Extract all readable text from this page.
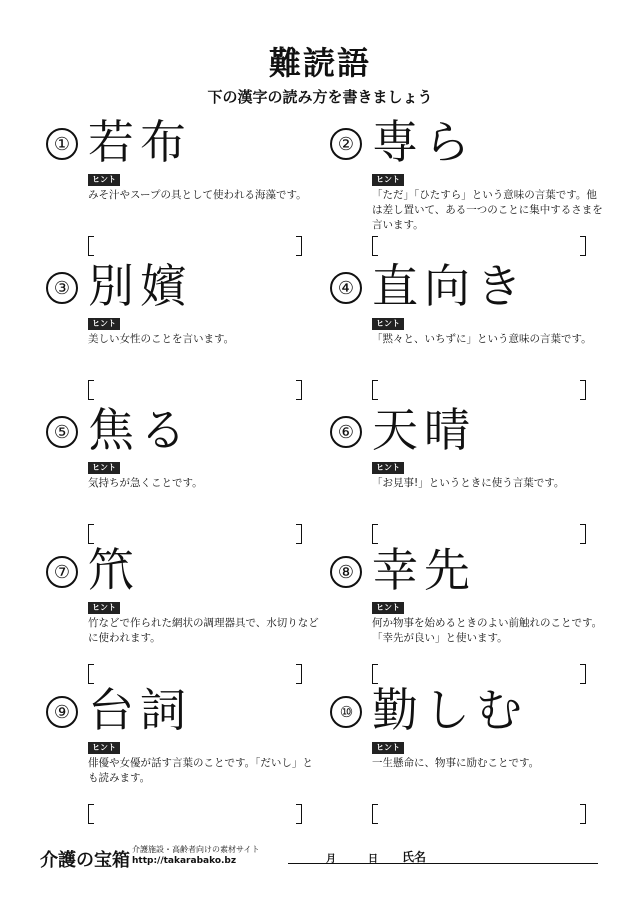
難読語
下の漢字の読み方を書きましょう
① 若布
ヒント
みそ汁やスープの具として使われる海藻です。
② 専ら
ヒント
「ただ」「ひたすら」という意味の言葉です。他は差し置いて、ある一つのことに集中するさまを言います。
③ 別嬪
ヒント
美しい女性のことを言います。
④ 直向き
ヒント
「黙々と、いちずに」という意味の言葉です。
⑤ 焦る
ヒント
気持ちが急くことです。
⑥ 天晴
ヒント
「お見事!」というときに使う言葉です。
⑦ 笊
ヒント
竹などで作られた網状の調理器具で、水切りなどに使われます。
⑧ 幸先
ヒント
何か物事を始めるときのよい前触れのことです。「幸先が良い」と使います。
⑨ 台詞
ヒント
俳優や女優が話す言葉のことです。「だいし」とも読みます。
⑩ 勤しむ
ヒント
一生懸命に、物事に励むことです。
介護の宝箱
介護施設・高齢者向けの素材サイト
http://takarabako.bz	月	日 氏名
